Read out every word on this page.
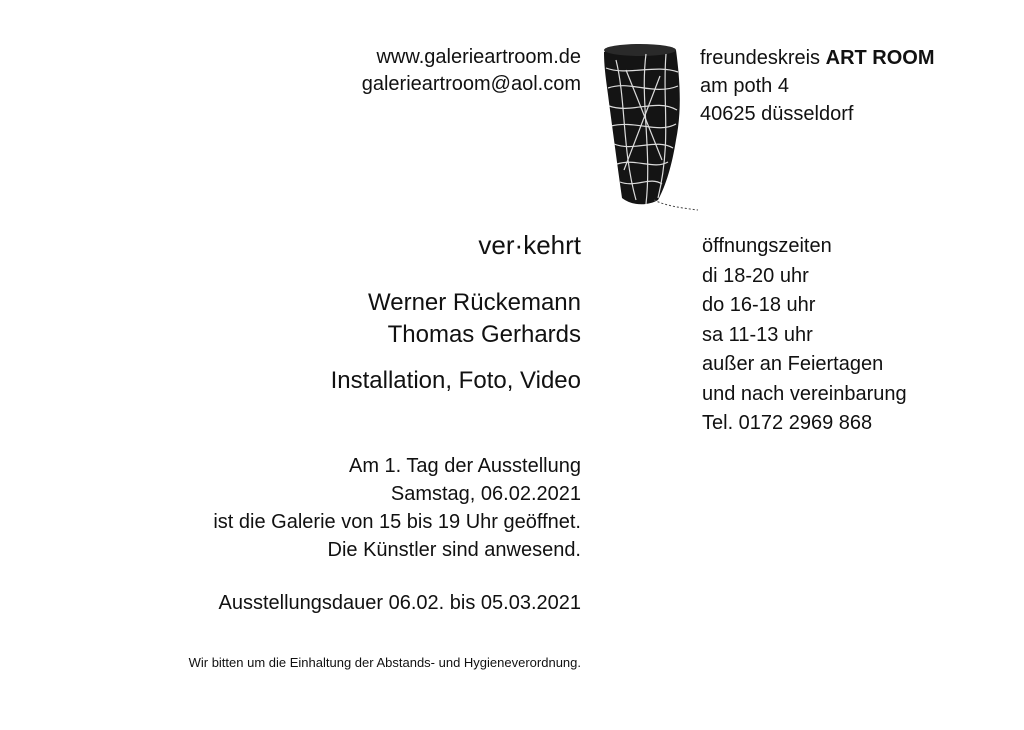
www.galerieartroom.de
galerieartroom@aol.com
freundeskreis ART ROOM
am poth 4
40625 düsseldorf
ver·kehrt
Werner Rückemann
Thomas Gerhards
Installation, Foto, Video
Am 1. Tag der Ausstellung
Samstag, 06.02.2021
ist die Galerie von 15 bis 19 Uhr geöffnet.
Die Künstler sind anwesend.
Ausstellungsdauer 06.02. bis 05.03.2021
Wir bitten um die Einhaltung der Abstands- und Hygieneverordnung.
öffnungszeiten
di 18-20 uhr
do 16-18 uhr
sa 11-13 uhr
außer an Feiertagen
und nach vereinbarung
Tel. 0172 2969 868
